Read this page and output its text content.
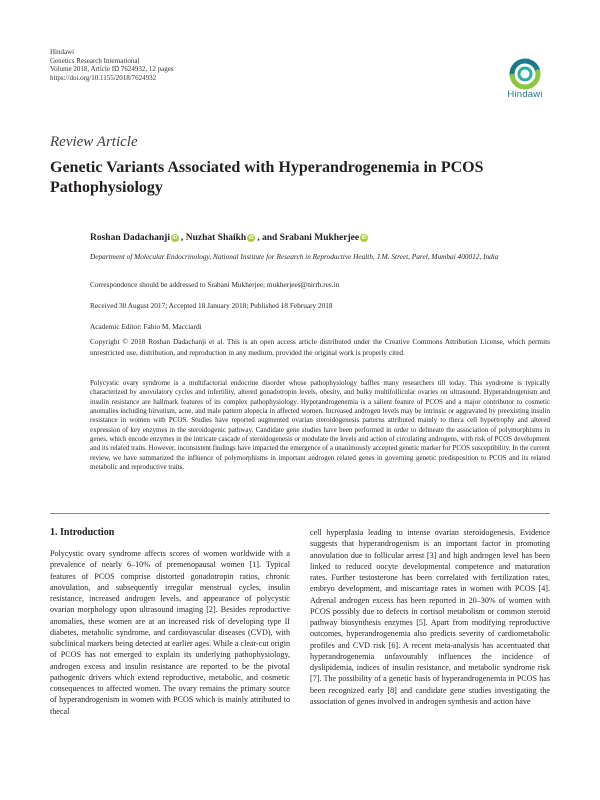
Hindawi
Genetics Research International
Volume 2018, Article ID 7624932, 12 pages
https://doi.org/10.1155/2018/7624932
Hindawi
Review Article
Genetic Variants Associated with Hyperandrogenemia in PCOS Pathophysiology
Roshan Dadachanji iD , Nuzhat Shaikh iD , and Srabani Mukherjee iD
Department of Molecular Endocrinology, National Institute for Research in Reproductive Health, J.M. Street, Parel, Mumbai 400012, India
Correspondence should be addressed to Srabani Mukherjee; mukherjees@nirrh.res.in
Received 30 August 2017; Accepted 18 January 2018; Published 18 February 2018
Academic Editor: Fabio M. Macciardi
Copyright © 2018 Roshan Dadachanji et al. This is an open access article distributed under the Creative Commons Attribution License, which permits unrestricted use, distribution, and reproduction in any medium, provided the original work is properly cited.
Polycystic ovary syndrome is a multifactorial endocrine disorder whose pathophysiology baffles many researchers till today. This syndrome is typically characterized by anovulatory cycles and infertility, altered gonadotropin levels, obesity, and bulky multifollicular ovaries on ultrasound. Hyperandrogenism and insulin resistance are hallmark features of its complex pathophysiology. Hyperandrogenemia is a salient feature of PCOS and a major contributor to cosmetic anomalies including hirsutism, acne, and male pattern alopecia in affected women. Increased androgen levels may be intrinsic or aggravated by preexisting insulin resistance in women with PCOS. Studies have reported augmented ovarian steroidogenesis patterns attributed mainly to theca cell hypertrophy and altered expression of key enzymes in the steroidogenic pathway. Candidate gene studies have been performed in order to delineate the association of polymorphisms in genes, which encode enzymes in the intricate cascade of steroidogenesis or modulate the levels and action of circulating androgens, with risk of PCOS development and its related traits. However, inconsistent findings have impacted the emergence of a unanimously accepted genetic marker for PCOS susceptibility. In the current review, we have summarized the influence of polymorphisms in important androgen related genes in governing genetic predisposition to PCOS and its related metabolic and reproductive traits.
1. Introduction

Polycystic ovary syndrome affects scores of women worldwide with a prevalence of nearly 6–10% of premenopausal women [1]. Typical features of PCOS comprise distorted gonadotropin ratios, chronic anovulation, and subsequently irregular menstrual cycles, insulin resistance, increased androgen levels, and appearance of polycystic ovarian morphology upon ultrasound imaging [2]. Besides reproductive anomalies, these women are at an increased risk of developing type II diabetes, metabolic syndrome, and cardiovascular diseases (CVD), with subclinical markers being detected at earlier ages. While a clear-cut origin of PCOS has not emerged to explain its underlying pathophysiology, androgen excess and insulin resistance are reported to be the pivotal pathogenic drivers which extend reproductive, metabolic, and cosmetic consequences to affected women. The ovary remains the primary source of hyperandrogenism in women with PCOS which is mainly attributed to thecal

cell hyperplasia leading to intense ovarian steroidogenesis. Evidence suggests that hyperandrogenism is an important factor in promoting anovulation due to follicular arrest [3] and high androgen level has been linked to reduced oocyte developmental competence and maturation rates. Further testosterone has been correlated with fertilization rates, embryo development, and miscarriage rates in women with PCOS [4]. Adrenal androgen excess has been reported in 20–30% of women with PCOS possibly due to defects in cortisol metabolism or common steroid pathway biosynthesis enzymes [5]. Apart from modifying reproductive outcomes, hyperandrogenemia also predicts severity of cardiometabolic profiles and CVD risk [6]. A recent meta-analysis has accentuated that hyperandrogenemia unfavourably influences the incidence of dyslipidemia, indices of insulin resistance, and metabolic syndrome risk [7]. The possibility of a genetic basis of hyperandrogenemia in PCOS has been recognized early [8] and candidate gene studies investigating the association of genes involved in androgen synthesis and action have
